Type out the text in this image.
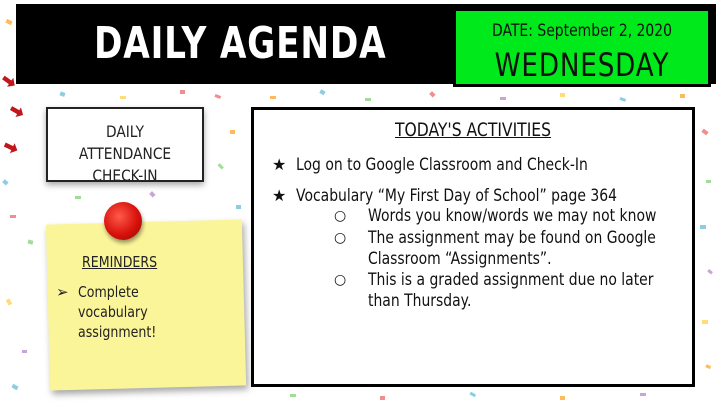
DAILY AGENDA	DATE: September 2, 2020
WEDNESDAY
DAILY ATTENDANCE
CHECK-IN
REMINDERS
➢ Complete vocabulary assignment!
TODAY'S ACTIVITIES
★ Log on to Google Classroom and Check-In
★ Vocabulary “My First Day of School” page 364
○ Words you know/words we may not know
○ The assignment may be found on Google Classroom “Assignments”.
○ This is a graded assignment due no later than Thursday.
